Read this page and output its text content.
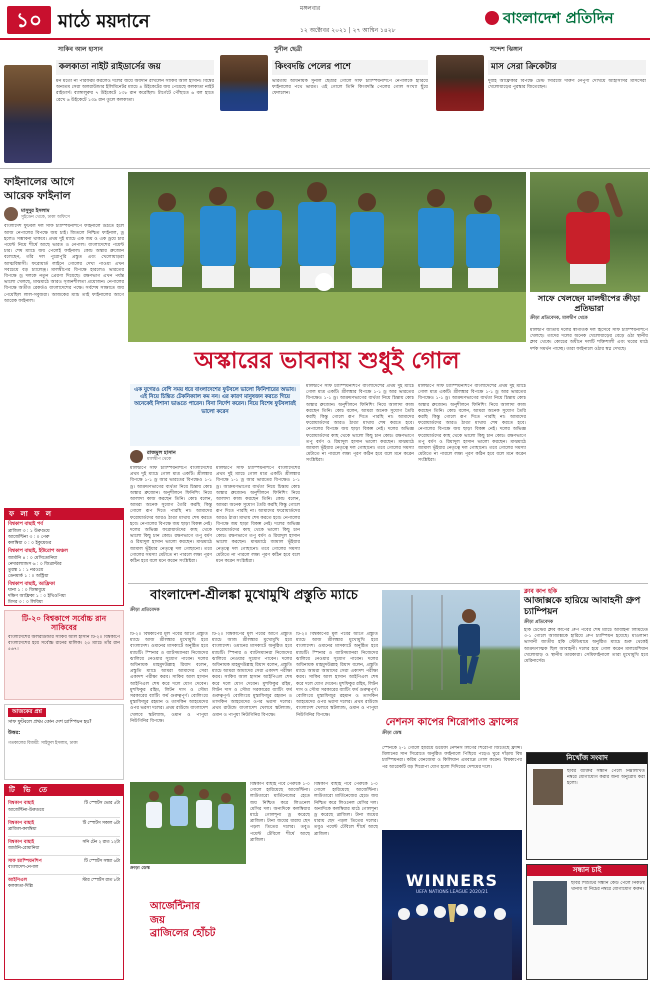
১০ মাঠে ময়দানে
মঙ্গলবার
১২ অক্টোবর ২০২১ | ২৭ আশ্বিন ১৪২৮
বাংলাদেশ প্রতিদিন
সাকিব আল হাসান
কলকাতা নাইট রাইডার্সের জয়
মন মতো না পারফরম করলেও দলের জয়ে অবদান রাখলেন সাকিব আল হাসান। বিশ্বের অন্যতম সেরা অলরাউন্ডার ইলিমিনেটর ম্যাচে ৪ উইকেটের জয় পেয়েছে কলকাতা নাইট রাইডার্স। ব্যাঙ্গালুরুর ৭ উইকেটে ১৩৮ রান করেছিল। টার্গেটে পৌঁছাতে ৬ বল হাতে রেখে ৬ উইকেটে ১৩৯ রান তুলে কলকাতা।
সুনীল ছেত্রী
কিংবদন্তি পেলের পাশে
ভারতীয় অধিনায়ক সুনীল ছেত্রীর গোলে সাফ চ্যাম্পিয়নশিপে নেপালকে হারিয়ে ফাইনালের পথে ভারত। এই গোলে তিনি কিংবদন্তি পেলের গোল সংখ্যা ছুঁয়ে ফেললেন।
সন্দেশ ঝিঙ্গান
মাস সেরা ক্রিকেটার
দুবাই আফ্রিকার বিপক্ষে টেস্ট সিরিজে দারুণ নৈপুণ্য দেখিয়ে আইসিসির মাসসেরা খেলোয়াড়ের পুরস্কার জিতেছেন।
ফাইনালের আগে
আরেক ফাইনাল
মাসুদুর ইসলাম
সুইডেন থেকে, ঢাকা অফিসে
বাংলাদেশ ফুটবল দল সাফ চ্যাম্পিয়নশিপে ফাইনালে উঠতে হলে আজ নেপালের বিপক্ষে জয় চাই। জিতলে নিশ্চিত ফাইনাল, ড্র হলেও সম্ভাবনা থাকবে। প্রথম দুই ম্যাচে এক জয় ও এক ড্রয়ে চার পয়েন্ট নিয়ে শীর্ষে আছে ভারত ও নেপাল। বাংলাদেশের পয়েন্ট চার। শেষ ম্যাচে জয় পেলেই ফাইনাল। কোচ অস্কার ব্রুজোন বলেছেন, তাঁর দল পুরোপুরি প্রস্তুত এবং খেলোয়াড়রা আত্মবিশ্বাসী। ফরোয়ার্ড লাইনে গোলের দেখা পাওয়া এখন সবচেয়ে বড় চ্যালেঞ্জ। মালদ্বীপের বিপক্ষে হারলেও ভারতের বিপক্ষে ড্র দলকে নতুন প্রেরণা দিয়েছে। রক্ষণভাগ এখন পর্যন্ত ভালো খেলছে, মাঝমাঠে আরও সৃজনশীলতা প্রয়োজন। নেপালের বিপক্ষে অতীত রেকর্ডও বাংলাদেশের পক্ষে। সর্বশেষ সাক্ষাতে জয় পেয়েছিল লাল-সবুজরা। আজকের ম্যাচ তাই ফাইনালের আগে আরেক ফাইনাল।
ফ লা ফ ল
বিশ্বকাপ বাছাই পর্ব
ব্রাজিল ৩ : ১ উরুগুয়ে
আর্জেন্টিনা ৩ : ০ পেরু
কলম্বিয়া ০ : ০ ইকুয়েডর
বিশ্বকাপ বাছাই, ইউরোপ অঞ্চল
জার্মানি ৪ : ০ মেসিডোনিয়া
নেদারল্যান্ডস ৬ : ০ জিব্রাল্টার
তুরস্ক ১ : ১ নরওয়ে
ডেনমার্ক ১ : ০ অস্ট্রিয়া
বিশ্বকাপ বাছাই, আফ্রিকা
ঘানা ১ : ০ জিম্বাবুয়ে
দক্ষিণ আফ্রিকা ১ : ০ ইথিওপিয়া
মিসর ৩ : ০ লিবিয়া
টি-২০ বিশ্বকাপে সর্বোচ্চ রান সাকিবের
বাংলাদেশের অলরাউন্ডার সাকিব আল হাসান টি-২০ বিশ্বকাপে বাংলাদেশের হয়ে সর্বোচ্চ রানের মালিক। ২৫ ম্যাচে তাঁর রান ৫৬৭।
আজকের প্রশ্ন
সাফ ফুটবলে প্রথম কোন দেশ চ্যাম্পিয়ন হয়?
উত্তর:
গতকালের বিজয়ী: সাইফুল ইসলাম, ঢাকা
টি ভি তে
বিশ্বকাপ বাছাই
আর্জেন্টিনা-উরুগুয়ে
টি স্পোর্টস ভোর ৫টা
বিশ্বকাপ বাছাই
ব্রাজিল-কলম্বিয়া
টি স্পোর্টস সকাল ৬টা
বিশ্বকাপ বাছাই
জার্মানি-রোমানিয়া
সনি টেন ২ রাত ১২টা
সাফ চ্যাম্পিয়নশিপ
বাংলাদেশ-নেপাল
টি স্পোর্টস সন্ধ্যা ৬টা
আইপিএল
কলকাতা-দিল্লি
স্টার স্পোর্টস রাত ৮টা
সাফে খেলছেন মালদ্বীপের ক্রীড়া প্রতিভারা
ক্রীড়া প্রতিবেদক, মালদ্বীপ থেকে
মালদ্বীপ জাতীয় দলের স্বাগতিক দল হিসেবে সাফ চ্যাম্পিয়নশিপে খেলছে। তাদের দলের অনেক খেলোয়াড়ের বেড়ে ওঠা স্থানীয় ক্লাব থেকে। কোচের অধীনে দলটি শক্তিশালী এবং ঘরের মাঠে দর্শক সমর্থন পাচ্ছে। তারা ফাইনালে ওঠার স্বপ্ন দেখছে।
অস্কারের ভাবনায় শুধুই গোল
এক যুগেরও বেশি সময় ধরে বাংলাদেশের ফুটবলে ভালো ফিনিশারের অভাব। এই নিয়ে চিন্তিত টেকনিক্যাল কম নন। এর কারণ মানুষজন করতে গিয়ে অনেকেই নিশানা ভাঙতে পারেন। বিনা নির্দেশ করেন। নিয়ে বিশেষ ফুটবলারই ভালো করেন
রাজমুল হাসান
মালদ্বীপ থেকে
মালদ্বীপে সাফ চ্যাম্পিয়নশিপে বাংলাদেশের প্রথম দুই ম্যাচে গোল মাত্র একটি। শ্রীলঙ্কার বিপক্ষে ১-১ ড্র আর ভারতের বিপক্ষেও ১-১ ড্র। আক্রমণভাগের ব্যর্থতা নিয়ে চিন্তায় কোচ অস্কার ব্রুজোন। অনুশীলনে ফিনিশিং নিয়ে আলাদা কাজ করছেন তিনি। কোচ বলেন, আমরা অনেক সুযোগ তৈরি করছি কিন্তু গোলে রূপ দিতে পারছি না। আমাদের ফরোয়ার্ডদের আরও ঠাণ্ডা মাথায় শেষ করতে হবে। নেপালের বিপক্ষে জয় ছাড়া বিকল্প নেই। দলের অভিজ্ঞ ফরোয়ার্ডদের কাছ থেকে ভালো কিছু চান কোচ। রক্ষণভাগে তপু বর্মণ ও রিয়াদুল হাসান ভালো করছেন। মাঝমাঠে জামাল ভূঁইয়ার নেতৃত্বে দল গোছানো। তবে গোলের সমস্যা মেটাতে না পারলে লক্ষ্য পূরণ কঠিন হবে বলে মনে করেন সংশ্লিষ্টরা।
মালদ্বীপে সাফ চ্যাম্পিয়নশিপে বাংলাদেশের প্রথম দুই ম্যাচে গোল মাত্র একটি। শ্রীলঙ্কার বিপক্ষে ১-১ ড্র আর ভারতের বিপক্ষেও ১-১ ড্র। আক্রমণভাগের ব্যর্থতা নিয়ে চিন্তায় কোচ অস্কার ব্রুজোন। অনুশীলনে ফিনিশিং নিয়ে আলাদা কাজ করছেন তিনি। কোচ বলেন, আমরা অনেক সুযোগ তৈরি করছি কিন্তু গোলে রূপ দিতে পারছি না। আমাদের ফরোয়ার্ডদের আরও ঠাণ্ডা মাথায় শেষ করতে হবে। নেপালের বিপক্ষে জয় ছাড়া বিকল্প নেই। দলের অভিজ্ঞ ফরোয়ার্ডদের কাছ থেকে ভালো কিছু চান কোচ। রক্ষণভাগে তপু বর্মণ ও রিয়াদুল হাসান ভালো করছেন। মাঝমাঠে জামাল ভূঁইয়ার নেতৃত্বে দল গোছানো। তবে গোলের সমস্যা মেটাতে না পারলে লক্ষ্য পূরণ কঠিন হবে বলে মনে করেন সংশ্লিষ্টরা।
মালদ্বীপে সাফ চ্যাম্পিয়নশিপে বাংলাদেশের প্রথম দুই ম্যাচে গোল মাত্র একটি। শ্রীলঙ্কার বিপক্ষে ১-১ ড্র আর ভারতের বিপক্ষেও ১-১ ড্র। আক্রমণভাগের ব্যর্থতা নিয়ে চিন্তায় কোচ অস্কার ব্রুজোন। অনুশীলনে ফিনিশিং নিয়ে আলাদা কাজ করছেন তিনি। কোচ বলেন, আমরা অনেক সুযোগ তৈরি করছি কিন্তু গোলে রূপ দিতে পারছি না। আমাদের ফরোয়ার্ডদের আরও ঠাণ্ডা মাথায় শেষ করতে হবে। নেপালের বিপক্ষে জয় ছাড়া বিকল্প নেই। দলের অভিজ্ঞ ফরোয়ার্ডদের কাছ থেকে ভালো কিছু চান কোচ। রক্ষণভাগে তপু বর্মণ ও রিয়াদুল হাসান ভালো করছেন। মাঝমাঠে জামাল ভূঁইয়ার নেতৃত্বে দল গোছানো। তবে গোলের সমস্যা মেটাতে না পারলে লক্ষ্য পূরণ কঠিন হবে বলে মনে করেন সংশ্লিষ্টরা।
মালদ্বীপে সাফ চ্যাম্পিয়নশিপে বাংলাদেশের প্রথম দুই ম্যাচে গোল মাত্র একটি। শ্রীলঙ্কার বিপক্ষে ১-১ ড্র আর ভারতের বিপক্ষেও ১-১ ড্র। আক্রমণভাগের ব্যর্থতা নিয়ে চিন্তায় কোচ অস্কার ব্রুজোন। অনুশীলনে ফিনিশিং নিয়ে আলাদা কাজ করছেন তিনি। কোচ বলেন, আমরা অনেক সুযোগ তৈরি করছি কিন্তু গোলে রূপ দিতে পারছি না। আমাদের ফরোয়ার্ডদের আরও ঠাণ্ডা মাথায় শেষ করতে হবে। নেপালের বিপক্ষে জয় ছাড়া বিকল্প নেই। দলের অভিজ্ঞ ফরোয়ার্ডদের কাছ থেকে ভালো কিছু চান কোচ। রক্ষণভাগে তপু বর্মণ ও রিয়াদুল হাসান ভালো করছেন। মাঝমাঠে জামাল ভূঁইয়ার নেতৃত্বে দল গোছানো। তবে গোলের সমস্যা মেটাতে না পারলে লক্ষ্য পূরণ কঠিন হবে বলে মনে করেন সংশ্লিষ্টরা।
বাংলাদেশ-শ্রীলঙ্কা মুখোমুখি প্রস্তুতি ম্যাচে
ক্রীড়া প্রতিবেদক
টি-২০ বিশ্বকাপের মূল পর্বের আগে প্রস্তুতি ম্যাচে আজ শ্রীলঙ্কার মুখোমুখি হবে বাংলাদেশ। ওমানের মাসকাটে অনুষ্ঠিত হবে ম্যাচটি। স্পিনার ও ব্যাটসম্যানরা নিজেদের ঝালিয়ে নেওয়ার সুযোগ পাবেন। দলের অধিনায়ক মাহমুদউল্লাহ রিয়াদ বলেন, প্রস্তুতি ম্যাচে আমরা আমাদের সেরা একাদশ পরীক্ষা করব। সাকিব আল হাসান আইপিএল শেষ করে দলে যোগ দেবেন। মুশফিকুর রহিম, লিটন দাস ও সৌম্য সরকারের ব্যাটিং ফর্ম গুরুত্বপূর্ণ। বোলিংয়ে মুস্তাফিজুর রহমান ও তাসকিন আহমেদের ওপর ভরসা দলের। প্রথম রাউন্ডে বাংলাদেশ খেলবে স্কটল্যান্ড, ওমান ও পাপুয়া নিউগিনির বিপক্ষে।
টি-২০ বিশ্বকাপের মূল পর্বের আগে প্রস্তুতি ম্যাচে আজ শ্রীলঙ্কার মুখোমুখি হবে বাংলাদেশ। ওমানের মাসকাটে অনুষ্ঠিত হবে ম্যাচটি। স্পিনার ও ব্যাটসম্যানরা নিজেদের ঝালিয়ে নেওয়ার সুযোগ পাবেন। দলের অধিনায়ক মাহমুদউল্লাহ রিয়াদ বলেন, প্রস্তুতি ম্যাচে আমরা আমাদের সেরা একাদশ পরীক্ষা করব। সাকিব আল হাসান আইপিএল শেষ করে দলে যোগ দেবেন। মুশফিকুর রহিম, লিটন দাস ও সৌম্য সরকারের ব্যাটিং ফর্ম গুরুত্বপূর্ণ। বোলিংয়ে মুস্তাফিজুর রহমান ও তাসকিন আহমেদের ওপর ভরসা দলের। প্রথম রাউন্ডে বাংলাদেশ খেলবে স্কটল্যান্ড, ওমান ও পাপুয়া নিউগিনির বিপক্ষে।
টি-২০ বিশ্বকাপের মূল পর্বের আগে প্রস্তুতি ম্যাচে আজ শ্রীলঙ্কার মুখোমুখি হবে বাংলাদেশ। ওমানের মাসকাটে অনুষ্ঠিত হবে ম্যাচটি। স্পিনার ও ব্যাটসম্যানরা নিজেদের ঝালিয়ে নেওয়ার সুযোগ পাবেন। দলের অধিনায়ক মাহমুদউল্লাহ রিয়াদ বলেন, প্রস্তুতি ম্যাচে আমরা আমাদের সেরা একাদশ পরীক্ষা করব। সাকিব আল হাসান আইপিএল শেষ করে দলে যোগ দেবেন। মুশফিকুর রহিম, লিটন দাস ও সৌম্য সরকারের ব্যাটিং ফর্ম গুরুত্বপূর্ণ। বোলিংয়ে মুস্তাফিজুর রহমান ও তাসকিন আহমেদের ওপর ভরসা দলের। প্রথম রাউন্ডে বাংলাদেশ খেলবে স্কটল্যান্ড, ওমান ও পাপুয়া নিউগিনির বিপক্ষে।
ক্লাব কাপ হকি
আজাক্সকে হারিয়ে আবাহনী গ্রুপ চ্যাম্পিয়ন
ক্রীড়া প্রতিবেদক
হকি টেস্টের ক্লাব কাপের গ্রুপ পর্বের শেষ ম্যাচে আবাহনী লিমিটেড ৩-১ গোলে আজাক্সকে হারিয়ে গ্রুপ চ্যাম্পিয়ন হয়েছে। মাওলানা ভাসানী জাতীয় হকি স্টেডিয়ামে অনুষ্ঠিত ম্যাচে শুরু থেকেই আক্রমণাত্মক ছিল আবাহনী। দলের হয়ে গোল করেন মালয়েশিয়ান খেলোয়াড় ও স্থানীয় তারকারা। সেমিফাইনালে তারা মুখোমুখি হবে মেরিনার্সের।
ক্রীড়া ডেস্ক
আর্জেন্টিনার
জয়
ব্রাজিলের হোঁচট
বিশ্বকাপ বাছাই পর্বে পেরুকে ১-০ গোলে হারিয়েছে আর্জেন্টিনা। লাউতারো মার্তিনেজের হেডে জয় নিশ্চিত করে লিওনেল মেসির দল। অন্যদিকে কলম্বিয়ার মাঠে গোলশূন্য ড্র করেছে ব্রাজিল। টানা জয়ের ধারায় ছেদ পড়ল তিতের দলের। তবুও পয়েন্ট টেবিলে শীর্ষে আছে ব্রাজিল।
বিশ্বকাপ বাছাই পর্বে পেরুকে ১-০ গোলে হারিয়েছে আর্জেন্টিনা। লাউতারো মার্তিনেজের হেডে জয় নিশ্চিত করে লিওনেল মেসির দল। অন্যদিকে কলম্বিয়ার মাঠে গোলশূন্য ড্র করেছে ব্রাজিল। টানা জয়ের ধারায় ছেদ পড়ল তিতের দলের। তবুও পয়েন্ট টেবিলে শীর্ষে আছে ব্রাজিল।
নেশনস কাপের শিরোপাও ফ্রান্সের
ক্রীড়া ডেস্ক
স্পেনকে ২-১ গোলে হারিয়ে উয়েফা নেশনস লিগের শিরোপা জিতেছে ফ্রান্স। মিলানের সান সিরোতে অনুষ্ঠিত ফাইনালে পিছিয়ে পড়েও ঘুরে দাঁড়ায় বিশ্ব চ্যাম্পিয়নরা। করিম বেনজেমা ও কিলিয়ান এমবাপ্পে গোল করেন। বিশ্বকাপের পর আরেকটি বড় শিরোপা যোগ হলো দিদিয়ের দেশমের দলে।
WINNERS
UEFA NATIONS LEAGUE 2020/21
নিখোঁজ সংবাদ
ছবির ব্যক্তির সন্ধান পেলে নিম্নলিখিত নম্বরে যোগাযোগ করার জন্য অনুরোধ করা হলো।
সন্ধান চাই
ছবির শিশুটির সন্ধান কেউ পেলে নিকটস্থ থানায় বা নিচের নম্বরে যোগাযোগ করুন।
